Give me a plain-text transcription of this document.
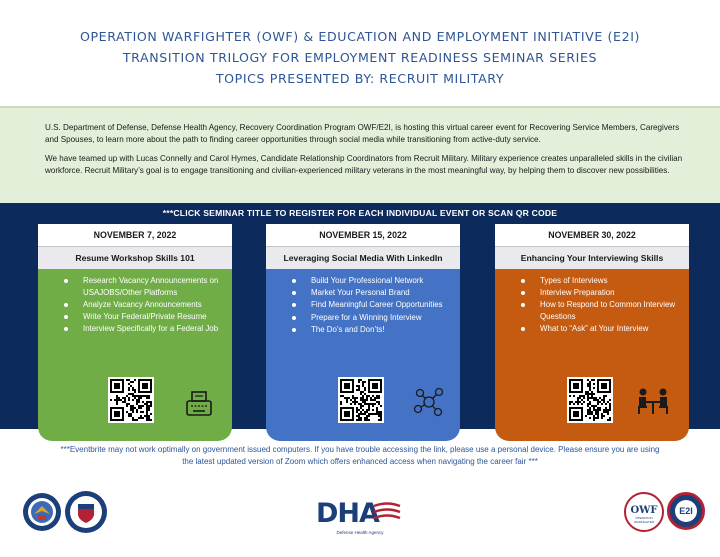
OPERATION WARFIGHTER (OWF) & EDUCATION AND EMPLOYMENT INITIATIVE (E2I)
TRANSITION TRILOGY FOR EMPLOYMENT READINESS SEMINAR SERIES
TOPICS PRESENTED BY: RECRUIT MILITARY

U.S. Department of Defense, Defense Health Agency, Recovery Coordination Program OWF/E2I, is hosting this virtual career event for Recovering Service Members, Caregivers and Spouses, to learn more about the path to finding career opportunities through social media while transitioning from active-duty service.

We have teamed up with Lucas Connelly and Carol Hymes, Candidate Relationship Coordinators from Recruit Military. Military experience creates unparalleled skills in the civilian workforce. Recruit Military’s goal is to engage transitioning and civilian-experienced military veterans in the most meaningful way, by helping them to discover new possibilities.

***CLICK SEMINAR TITLE TO REGISTER FOR EACH INDIVIDUAL EVENT OR SCAN QR CODE
NOVEMBER 7, 2022
Resume Workshop Skills 101
Research Vacancy Announcements on USAJOBS/Other Platforms
Analyze Vacancy Announcements
Write Your Federal/Private Resume
Interview Specifically for a Federal Job
NOVEMBER 15, 2022
Leveraging Social Media With LinkedIn
Build Your Professional Network
Market Your Personal Brand
Find Meaningful Career Opportunities
Prepare for a Winning Interview
The Do’s and Don’ts!
NOVEMBER 30, 2022
Enhancing Your Interviewing Skills
Types of Interviews
Interview Preparation
How to Respond to Common Interview Questions
What to “Ask” at Your Interview
***Eventbrite may not work optimally on government issued computers. If you have trouble accessing the link, please use a personal device. Please ensure you are using the latest updated version of Zoom which offers enhanced access when navigating the career fair ***
DHA
Defense Health Agency
OWF
OPERATION WARFIGHTER
E2I
